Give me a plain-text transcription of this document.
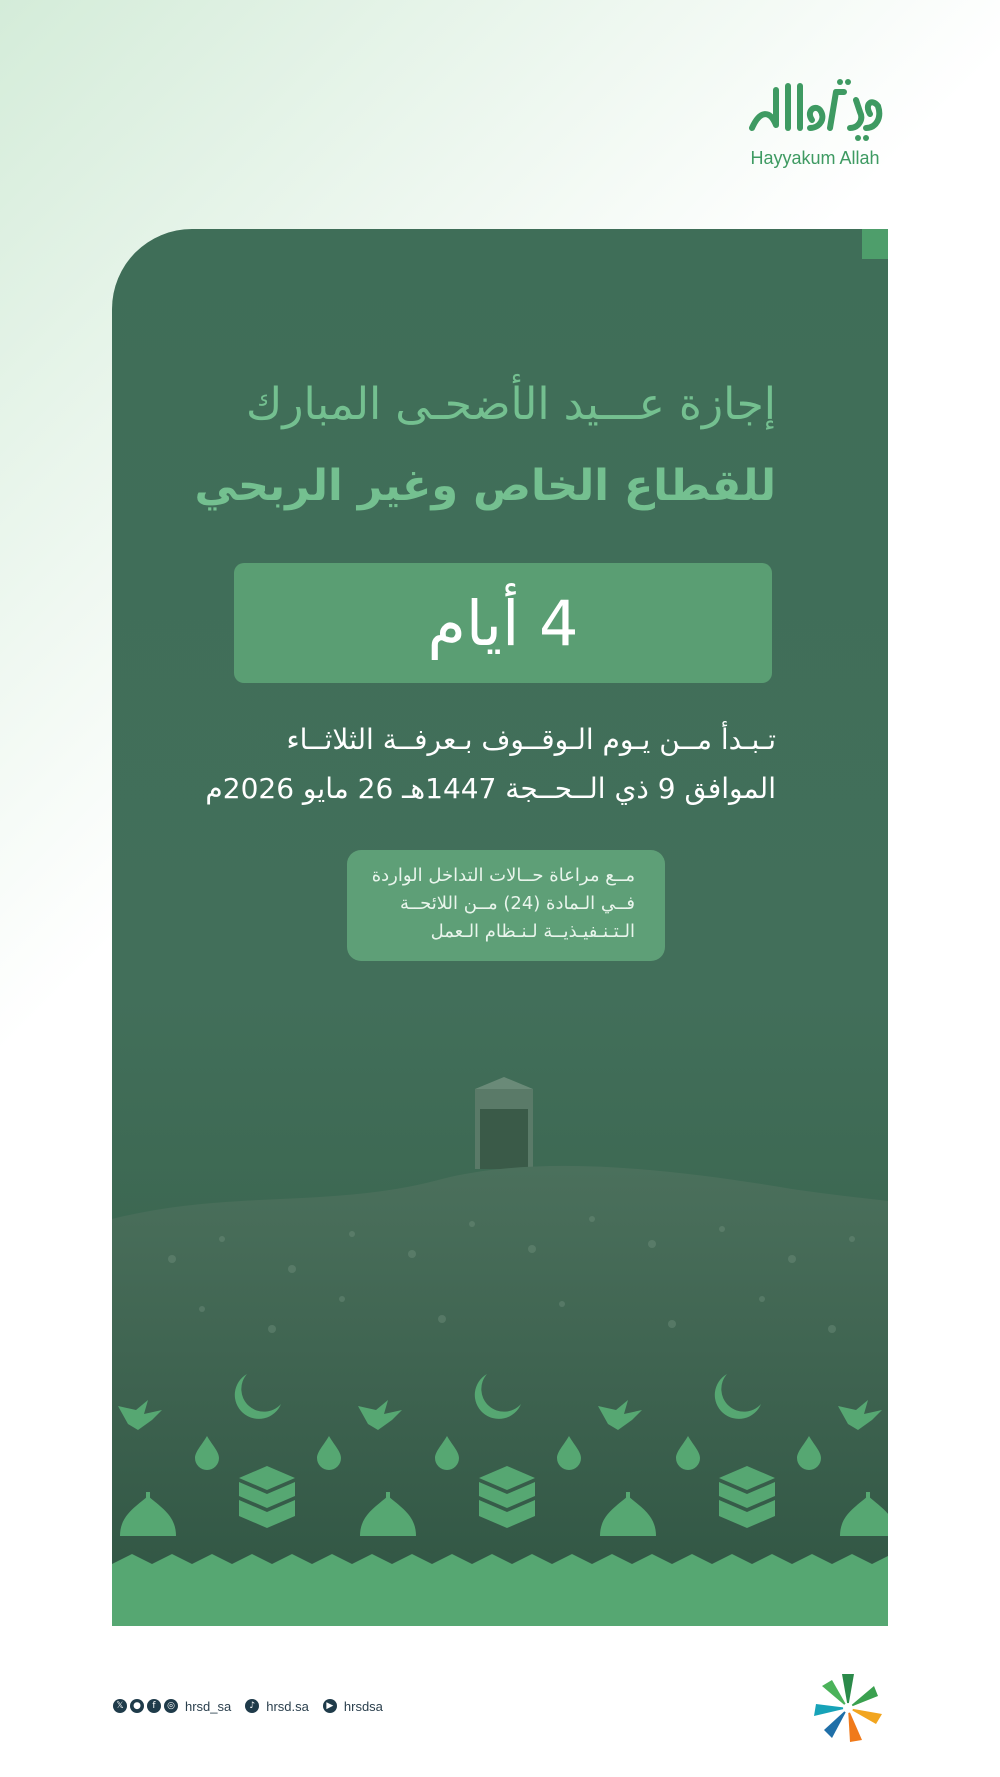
Hayyakum Allah
إجازة عـــيد الأضحـى المبارك
للقطاع الخاص وغير الربحي
4 أيام
تـبـدأ مــن يـوم الـوقــوف بـعرفــة الثلاثــاء
الموافق 9 ذي الــحــجة 1447هـ 26 مايو 2026م
مــع مراعاة حــالات التداخل الواردة
فــي الـمادة (24) مــن اللائحــة
الـتـنـفيـذيــة لـنـظام الـعمل
𝕏	●	f	◎ hrsd_sa	♪ hrsd.sa	▶ hrsdsa
